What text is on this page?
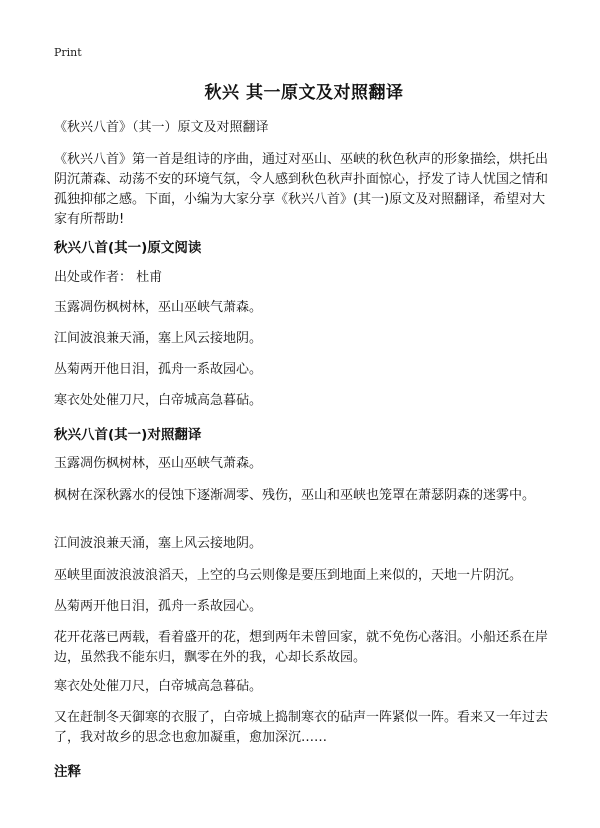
Print
秋兴 其一原文及对照翻译
《秋兴八首》（其一）原文及对照翻译
《秋兴八首》第一首是组诗的序曲，通过对巫山、巫峡的秋色秋声的形象描绘，烘托出阴沉萧森、动荡不安的环境气氛，令人感到秋色秋声扑面惊心，抒发了诗人忧国之情和孤独抑郁之感。下面，小编为大家分享《秋兴八首》(其一)原文及对照翻译，希望对大家有所帮助!
秋兴八首(其一)原文阅读
出处或作者： 杜甫
玉露凋伤枫树林，巫山巫峡气萧森。
江间波浪兼天涌，塞上风云接地阴。
丛菊两开他日泪，孤舟一系故园心。
寒衣处处催刀尺，白帝城高急暮砧。
秋兴八首(其一)对照翻译
玉露凋伤枫树林，巫山巫峡气萧森。
枫树在深秋露水的侵蚀下逐渐凋零、残伤，巫山和巫峡也笼罩在萧瑟阴森的迷雾中。
江间波浪兼天涌，塞上风云接地阴。
巫峡里面波浪波浪滔天，上空的乌云则像是要压到地面上来似的，天地一片阴沉。
丛菊两开他日泪，孤舟一系故园心。
花开花落已两载，看着盛开的花，想到两年未曾回家，就不免伤心落泪。小船还系在岸边，虽然我不能东归，飘零在外的我，心却长系故园。
寒衣处处催刀尺，白帝城高急暮砧。
又在赶制冬天御寒的衣服了，白帝城上捣制寒衣的砧声一阵紧似一阵。看来又一年过去了，我对故乡的思念也愈加凝重，愈加深沉……
注释
